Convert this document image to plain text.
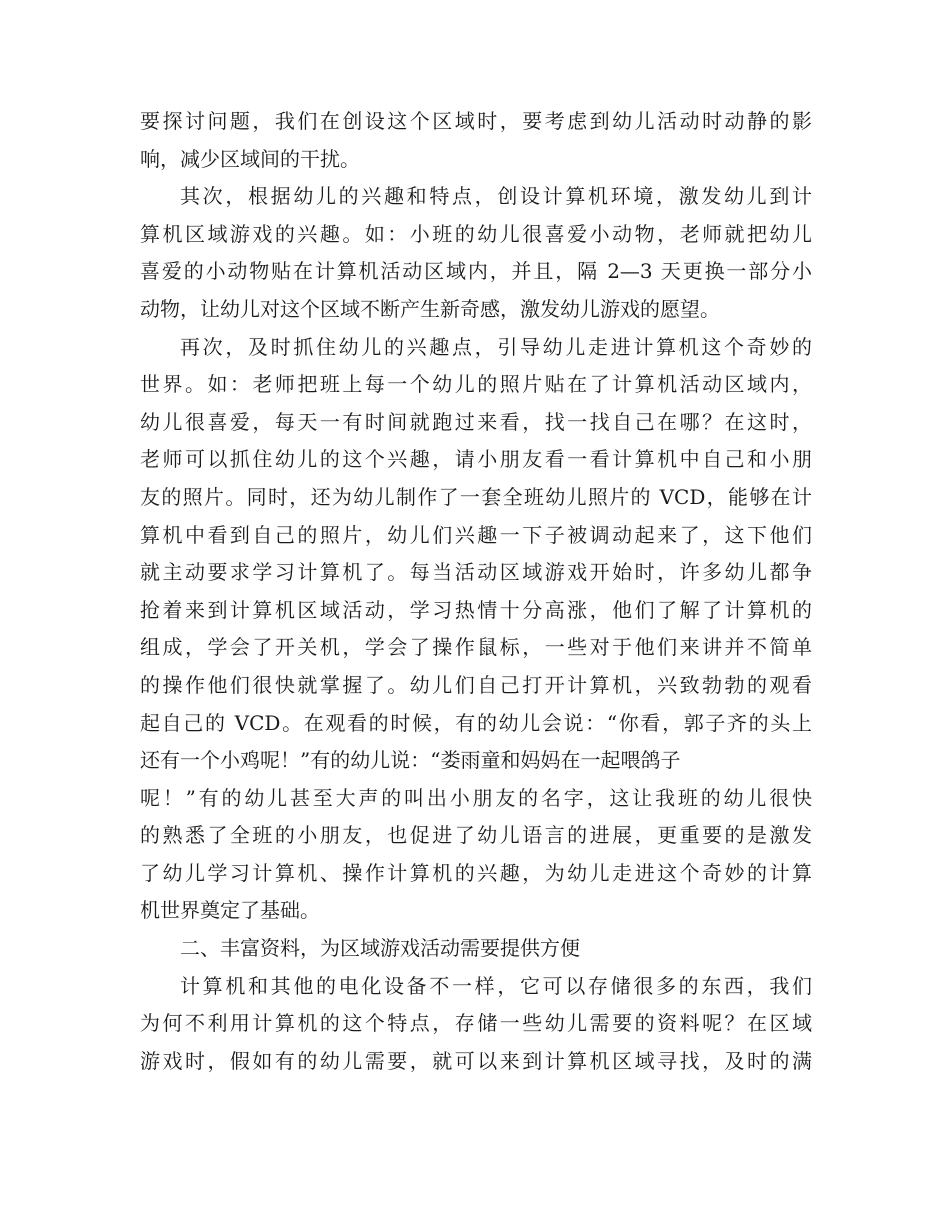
要探讨问题，我们在创设这个区域时，要考虑到幼儿活动时动静的影
响，减少区域间的干扰。
其次，根据幼儿的兴趣和特点，创设计算机环境，激发幼儿到计
算机区域游戏的兴趣。如：小班的幼儿很喜爱小动物，老师就把幼儿
喜爱的小动物贴在计算机活动区域内，并且，隔 2—3 天更换一部分小
动物，让幼儿对这个区域不断产生新奇感，激发幼儿游戏的愿望。
再次，及时抓住幼儿的兴趣点，引导幼儿走进计算机这个奇妙的
世界。如：老师把班上每一个幼儿的照片贴在了计算机活动区域内，
幼儿很喜爱，每天一有时间就跑过来看，找一找自己在哪？在这时，
老师可以抓住幼儿的这个兴趣，请小朋友看一看计算机中自己和小朋
友的照片。同时，还为幼儿制作了一套全班幼儿照片的 VCD，能够在计
算机中看到自己的照片，幼儿们兴趣一下子被调动起来了，这下他们
就主动要求学习计算机了。每当活动区域游戏开始时，许多幼儿都争
抢着来到计算机区域活动，学习热情十分高涨，他们了解了计算机的
组成，学会了开关机，学会了操作鼠标，一些对于他们来讲并不简单
的操作他们很快就掌握了。幼儿们自己打开计算机，兴致勃勃的观看
起自己的 VCD。在观看的时候，有的幼儿会说：“你看，郭子齐的头上
还有一个小鸡呢！”有的幼儿说：“娄雨童和妈妈在一起喂鸽子
呢！”有的幼儿甚至大声的叫出小朋友的名字，这让我班的幼儿很快
的熟悉了全班的小朋友，也促进了幼儿语言的进展，更重要的是激发
了幼儿学习计算机、操作计算机的兴趣，为幼儿走进这个奇妙的计算
机世界奠定了基础。
二、丰富资料，为区域游戏活动需要提供方便
计算机和其他的电化设备不一样，它可以存储很多的东西，我们
为何不利用计算机的这个特点，存储一些幼儿需要的资料呢？在区域
游戏时，假如有的幼儿需要，就可以来到计算机区域寻找，及时的满
